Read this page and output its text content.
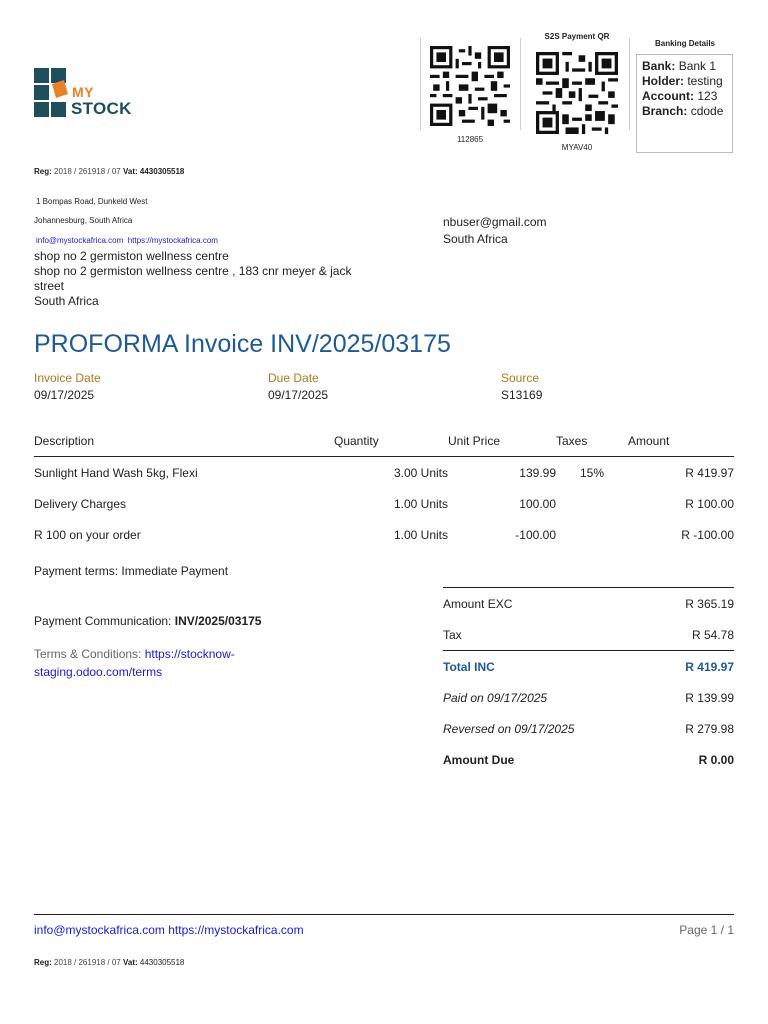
MY
STOCK
112865
S2S Payment QR
MYAV40
Banking Details
Bank: Bank 1
Holder: testing
Account: 123
Branch: cdode
Reg: 2018 / 261918 / 07 Vat: 4430305518
1 Bompas Road, Dunkeld West
Johannesburg, South Africa
info@mystockafrica.com https://mystockafrica.com
shop no 2 germiston wellness centre
shop no 2 germiston wellness centre , 183 cnr meyer & jack
street
South Africa
nbuser@gmail.com
South Africa
PROFORMA Invoice INV/2025/03175
Invoice Date
09/17/2025
Due Date
09/17/2025
Source
S13169
Description	Quantity	Unit Price	Taxes	Amount
Sunlight Hand Wash 5kg, Flexi	3.00 Units	139.99	15%	R 419.97
Delivery Charges	1.00 Units	100.00		R 100.00
R 100 on your order	1.00 Units	-100.00		R -100.00
Payment terms: Immediate Payment
Payment Communication: INV/2025/03175
Terms & Conditions: https://stocknow-
staging.odoo.com/terms
Amount EXC	R 365.19
Tax	R 54.78
Total INC	R 419.97
Paid on 09/17/2025	R 139.99
Reversed on 09/17/2025	R 279.98
Amount Due	R 0.00
info@mystockafrica.com https://mystockafrica.com	Page 1 / 1
Reg: 2018 / 261918 / 07 Vat: 4430305518
